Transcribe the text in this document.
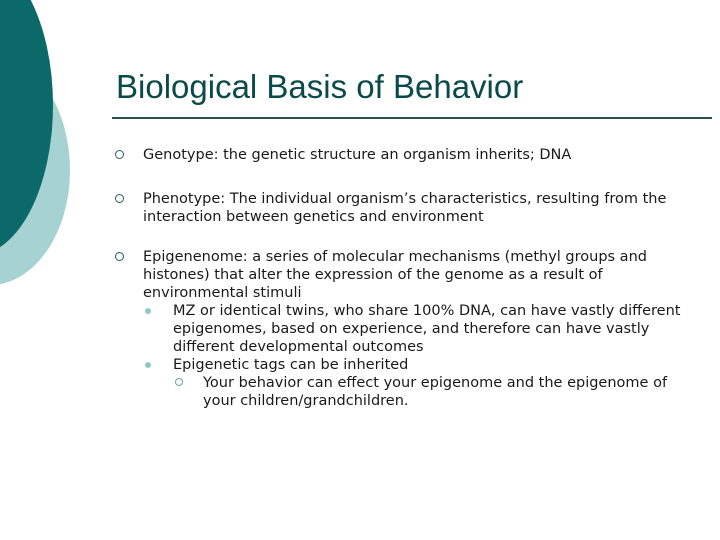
Biological Basis of Behavior
Genotype: the genetic structure an organism inherits; DNA
Phenotype: The individual organism’s characteristics, resulting from the interaction between genetics and environment
Epigenenome: a series of molecular mechanisms (methyl groups and histones) that alter the expression of the genome as a result of environmental stimuli
MZ or identical twins, who share 100% DNA, can have vastly different epigenomes, based on experience, and therefore can have vastly different developmental outcomes
Epigenetic tags can be inherited
Your behavior can effect your epigenome and the epigenome of your children/grandchildren.
